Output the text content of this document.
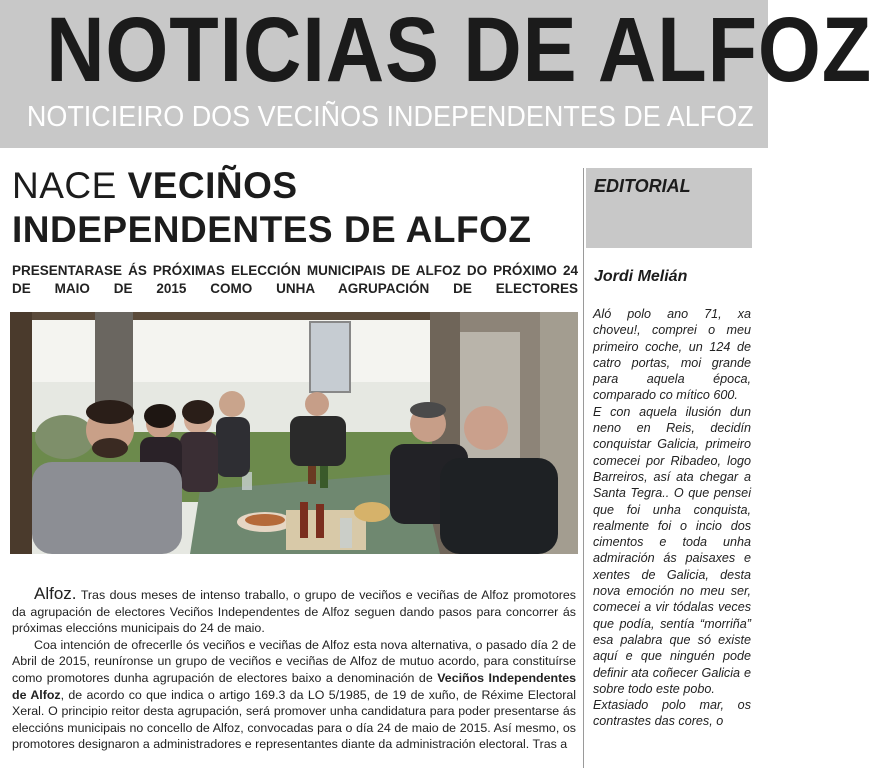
NOTICIAS DE ALFOZ
NOTICIEIRO DOS VECIÑOS INDEPENDENTES DE ALFOZ
NACE VECIÑOS
INDEPENDENTES DE ALFOZ
PRESENTARASE ÁS PRÓXIMAS ELECCIÓN MUNICIPAIS DE ALFOZ DO PRÓXIMO 24 DE MAIO DE 2015 COMO UNHA AGRUPACIÓN DE ELECTORES

Alfoz. Tras dous meses de intenso traballo, o grupo de veciños e veciñas de Alfoz promotores da agrupación de electores Veciños Independentes de Alfoz seguen dando pasos para concorrer ás próximas eleccións municipais do 24 de maio.

Coa intención de ofrecerlle ós veciños e veciñas de Alfoz esta nova alternativa, o pasado día 2 de Abril de 2015, reuníronse un grupo de veciños e veciñas de Alfoz de mutuo acordo, para constituírse como promotores dunha agrupación de electores baixo a denominación de Veciños Independentes de Alfoz, de acordo co que indica o artigo 169.3 da LO 5/1985, de 19 de xuño, de Réxime Electoral Xeral. O principio reitor desta agrupación, será promover unha candidatura para poder presentarse ás eleccións municipais no concello de Alfoz, convocadas para o día 24 de maio de 2015. Así mesmo, os promotores designaron a administradores e representantes diante da administración electoral. Tras a

EDITORIAL
Jordi Melián

Aló polo ano 71, xa choveu!, comprei o meu primeiro coche, un 124 de catro portas, moi grande para aquela época, comparado co mítico 600.

E con aquela ilusión dun neno en Reis, decidín conquistar Galicia, primeiro comecei por Ribadeo, logo Barreiros, así ata chegar a Santa Tegra.. O que pensei que foi unha conquista, realmente foi o incio dos cimentos e toda unha admiración ás paisaxes e xentes de Galicia, desta nova emoción no meu ser, comecei a vir tódalas veces que podía, sentía “morriña” esa palabra que só existe aquí e que ninguén pode definir ata coñecer Galicia e sobre todo este pobo.

Extasiado polo mar, os contrastes das cores, o
